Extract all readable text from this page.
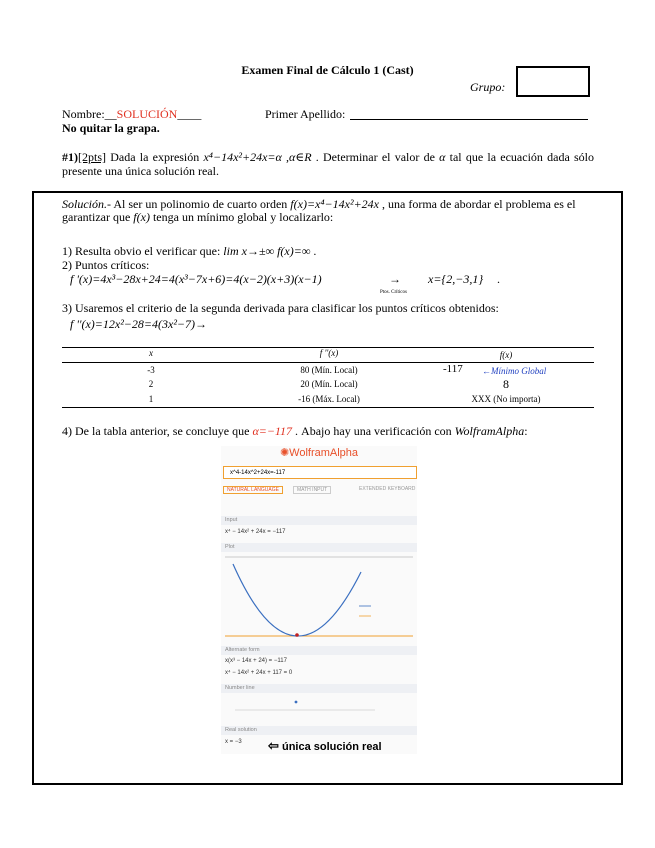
Examen Final de Cálculo 1 (Cast)
Grupo:
Nombre:__SOLUCIÓN____	Primer Apellido:
No quitar la grapa.
#1)[2pts] Dada la expresión x⁴−14x²+24x=α ,α∈R . Determinar el valor de α tal que la ecuación dada sólo presente una única solución real.
Solución.- Al ser un polinomio de cuarto orden f(x)=x⁴−14x²+24x , una forma de abordar el problema es el garantizar que f(x) tenga un mínimo global y localizarlo:
1) Resulta obvio el verificar que: lim x→±∞ f(x)=∞ .
2) Puntos críticos:
f '(x)=4x³−28x+24=4(x³−7x+6)=4(x−2)(x+3)(x−1)	→
Ptos. Críticos
x={2,−3,1} .
3) Usaremos el criterio de la segunda derivada para clasificar los puntos críticos obtenidos:
f ''(x)=12x²−28=4(3x²−7)→
x	f ''(x)	f(x)
-3	80 (Mín. Local)	-117 ←Mínimo Global
2	20 (Mín. Local)	8
1	-16 (Máx. Local)	XXX (No importa)
4) De la tabla anterior, se concluye que α=−117 . Abajo hay una verificación con WolframAlpha:
✺WolframAlpha
x^4-14x^2+24x=-117
NATURAL LANGUAGE	MATH INPUT	EXTENDED KEYBOARD
Input
x⁴ − 14x² + 24x = −117
Plot
Alternate form
x(x³ − 14x + 24) = −117
x⁴ − 14x² + 24x + 117 = 0
Number line
Real solution
x = −3 ⇦ única solución real
